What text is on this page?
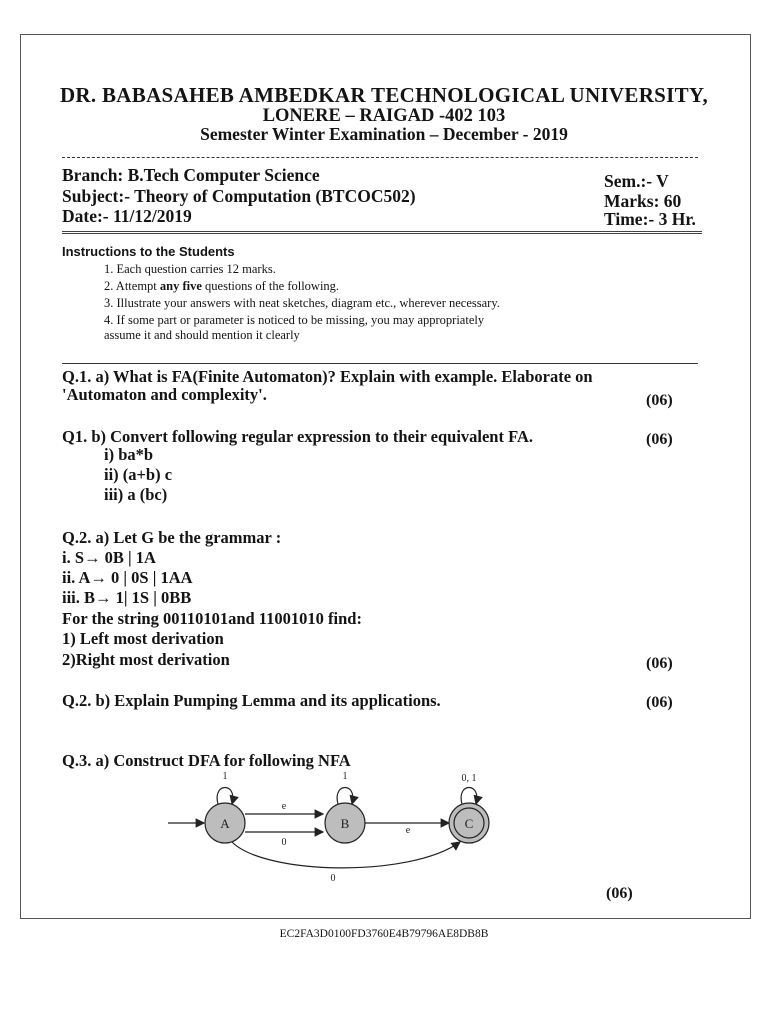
DR. BABASAHEB AMBEDKAR TECHNOLOGICAL UNIVERSITY,
LONERE – RAIGAD -402 103
Semester Winter Examination – December - 2019
Branch: B.Tech Computer Science
Subject:- Theory of Computation (BTCOC502)
Date:- 11/12/2019
Sem.:- V
Marks: 60
Time:- 3 Hr.
Instructions to the Students
1. Each question carries 12 marks.
2. Attempt any five questions of the following.
3. Illustrate your answers with neat sketches, diagram etc., wherever necessary.
4. If some part or parameter is noticed to be missing, you may appropriately
assume it and should mention it clearly
Q.1. a) What is FA(Finite Automaton)? Explain with example. Elaborate on
'Automaton and complexity'.	(06)
Q1. b) Convert following regular expression to their equivalent FA.	(06)
i) ba*b
ii) (a+b) c
iii) a (bc)
Q.2. a) Let G be the grammar :
i. S→ 0B | 1A
ii. A→ 0 | 0S | 1AA
iii. B→ 1| 1S | 0BB
For the string 00110101and 11001010 find:
1) Left most derivation
2)Right most derivation	(06)
Q.2. b) Explain Pumping Lemma and its applications.	(06)
Q.3. a) Construct DFA for following NFA
A	B	C
1	1	0, 1
e
0
e
0
(06)
EC2FA3D0100FD3760E4B79796AE8DB8B
